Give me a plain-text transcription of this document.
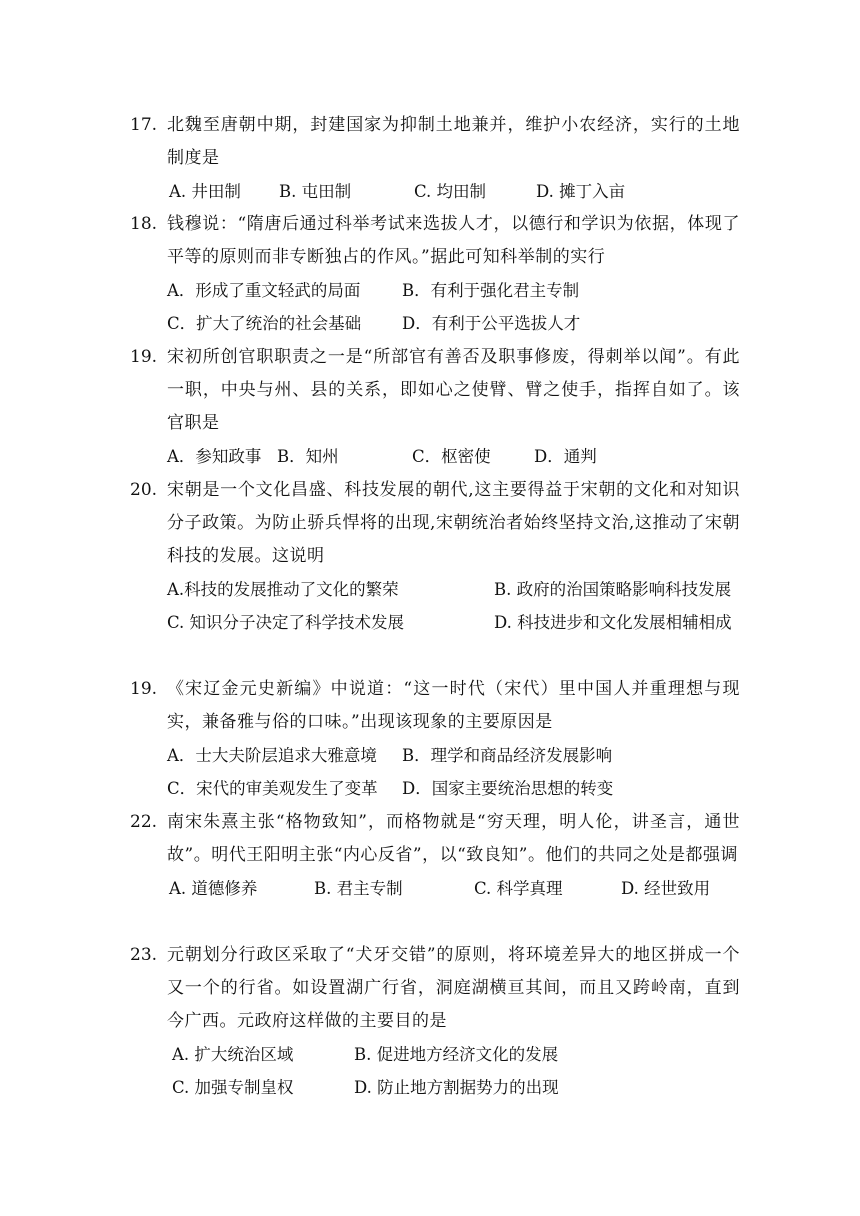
17. 北魏至唐朝中期，封建国家为抑制土地兼并，维护小农经济，实行的土地制度是
A. 井田制	B. 屯田制	C. 均田制	D. 摊丁入亩
18. 钱穆说：“隋唐后通过科举考试来选拔人才，以德行和学识为依据，体现了平等的原则而非专断独占的作风。”据此可知科举制的实行
A．形成了重文轻武的局面	B．有利于强化君主专制
C．扩大了统治的社会基础	D．有利于公平选拔人才
19. 宋初所创官职职责之一是“所部官有善否及职事修废，得刺举以闻”。有此一职，中央与州、县的关系，即如心之使臂、臂之使手，指挥自如了。该官职是
A．参知政事 B．知州	C．枢密使	D．通判
20. 宋朝是一个文化昌盛、科技发展的朝代,这主要得益于宋朝的文化和对知识分子政策。为防止骄兵悍将的出现,宋朝统治者始终坚持文治,这推动了宋朝科技的发展。这说明
A.科技的发展推动了文化的繁荣	B. 政府的治国策略影响科技发展
C. 知识分子决定了科学技术发展	D. 科技进步和文化发展相辅相成
19. 《宋辽金元史新编》中说道：“这一时代（宋代）里中国人并重理想与现实，兼备雅与俗的口味。”出现该现象的主要原因是
A．士大夫阶层追求大雅意境	B．理学和商品经济发展影响
C．宋代的审美观发生了变革	D．国家主要统治思想的转变
22. 南宋朱熹主张“格物致知”，而格物就是“穷天理，明人伦，讲圣言，通世故”。明代王阳明主张“内心反省”，以“致良知”。他们的共同之处是都强调
A. 道德修养	B. 君主专制	C. 科学真理	D. 经世致用
23. 元朝划分行政区采取了“犬牙交错”的原则，将环境差异大的地区拼成一个又一个的行省。如设置湖广行省，洞庭湖横亘其间，而且又跨岭南，直到今广西。元政府这样做的主要目的是
A. 扩大统治区域	B. 促进地方经济文化的发展
C. 加强专制皇权	D. 防止地方割据势力的出现
